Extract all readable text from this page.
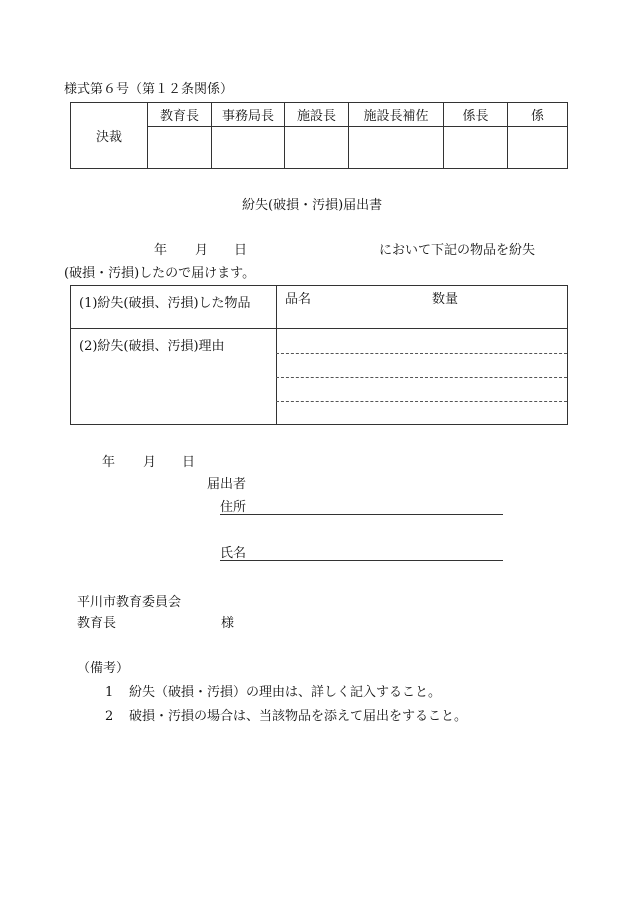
様式第６号（第１２条関係）
決裁	教育長	事務局長	施設長	施設長補佐	係長	係

紛失(破損・汚損)届出書
年 月 日	において下記の物品を紛失
(破損・汚損)したので届けます。
(1)紛失(破損、汚損)した物品	品名 数量

(2)紛失(破損、汚損)理由	

年 月 日
届出者
住所
氏名
平川市教育委員会
教育長	様
（備考）
1 紛失（破損・汚損）の理由は、詳しく記入すること。
2 破損・汚損の場合は、当該物品を添えて届出をすること。
